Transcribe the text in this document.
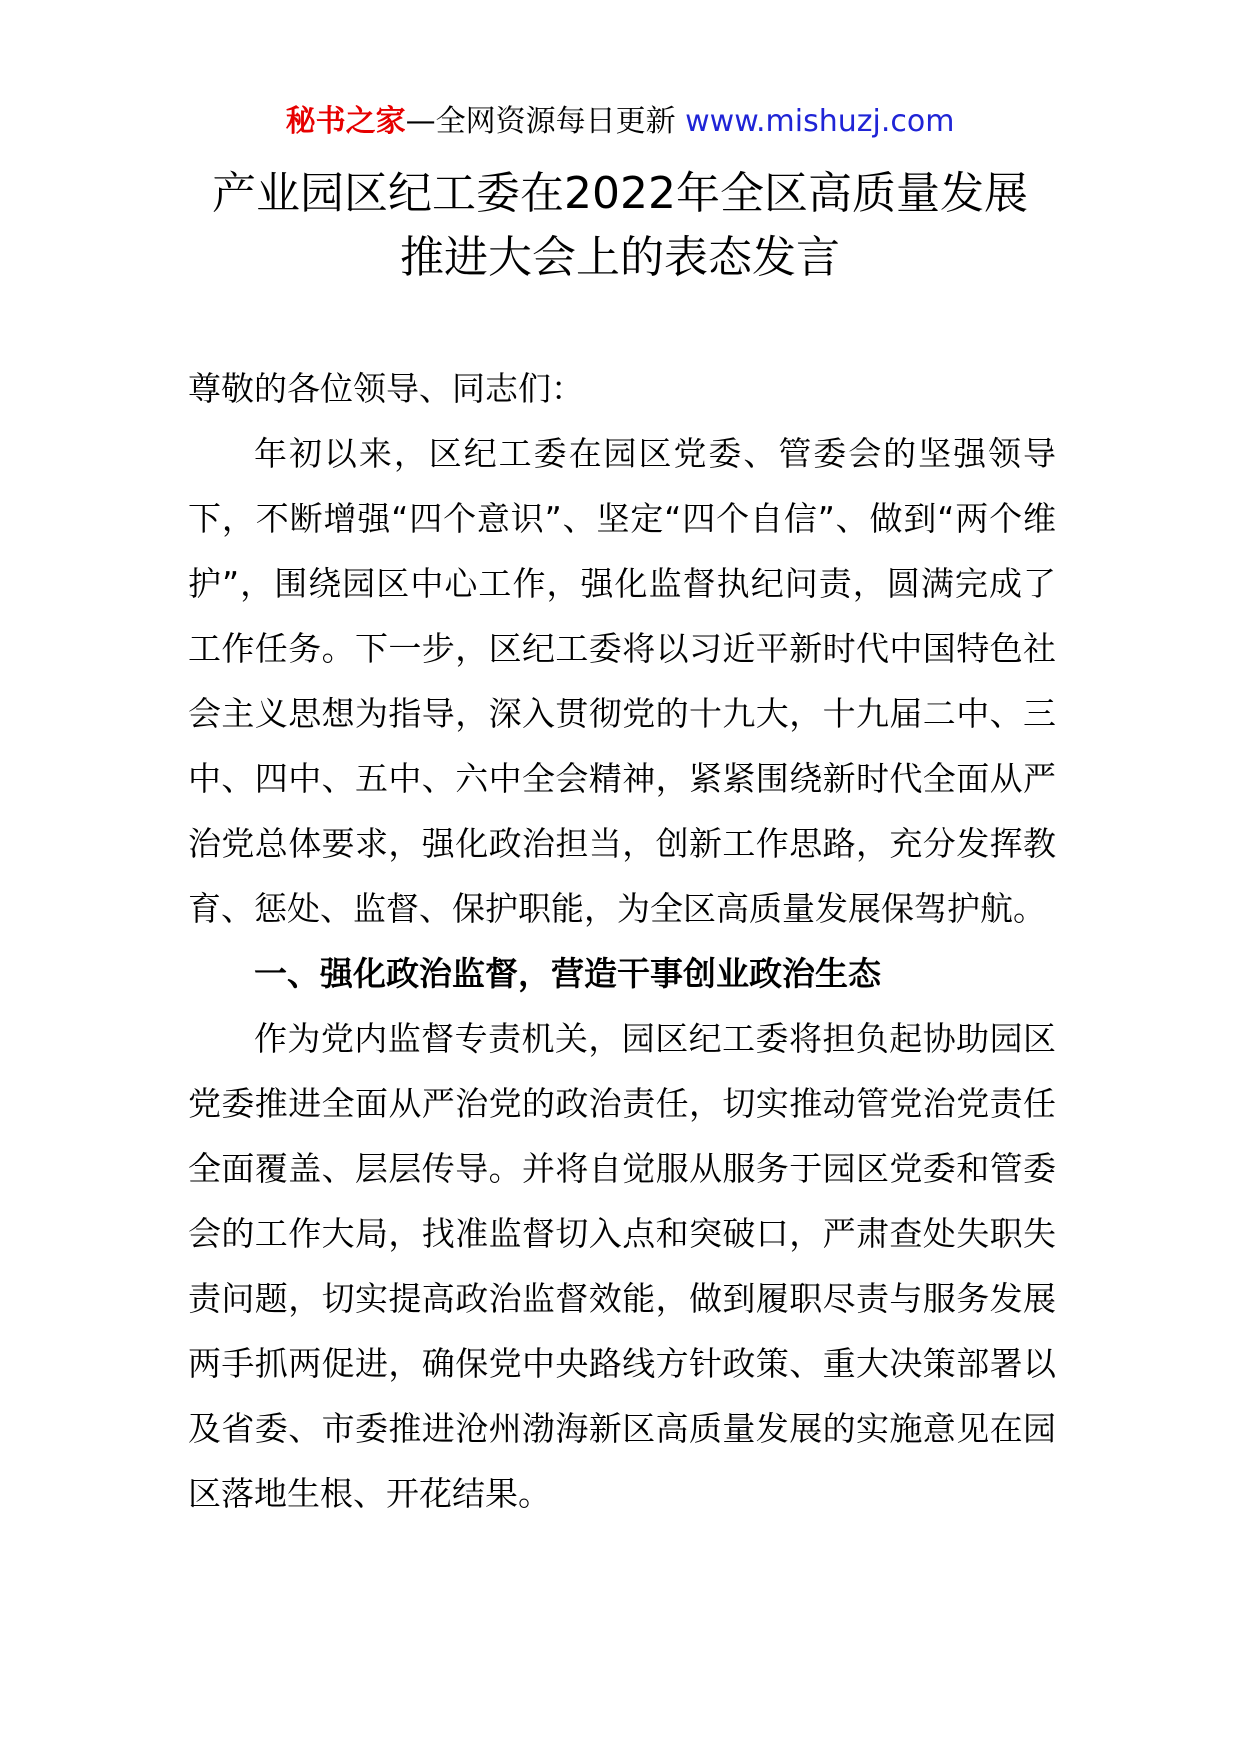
秘书之家—全网资源每日更新 www.mishuzj.com
产业园区纪工委在2022年全区高质量发展
推进大会上的表态发言

尊敬的各位领导、同志们：

年初以来，区纪工委在园区党委、管委会的坚强领导下，不断增强“四个意识”、坚定“四个自信”、做到“两个维护”，围绕园区中心工作，强化监督执纪问责，圆满完成了工作任务。下一步，区纪工委将以习近平新时代中国特色社会主义思想为指导，深入贯彻党的十九大，十九届二中、三中、四中、五中、六中全会精神，紧紧围绕新时代全面从严治党总体要求，强化政治担当，创新工作思路，充分发挥教育、惩处、监督、保护职能，为全区高质量发展保驾护航。

一、强化政治监督，营造干事创业政治生态

作为党内监督专责机关，园区纪工委将担负起协助园区党委推进全面从严治党的政治责任，切实推动管党治党责任全面覆盖、层层传导。并将自觉服从服务于园区党委和管委会的工作大局，找准监督切入点和突破口，严肃查处失职失责问题，切实提高政治监督效能，做到履职尽责与服务发展两手抓两促进，确保党中央路线方针政策、重大决策部署以及省委、市委推进沧州渤海新区高质量发展的实施意见在园区落地生根、开花结果。
